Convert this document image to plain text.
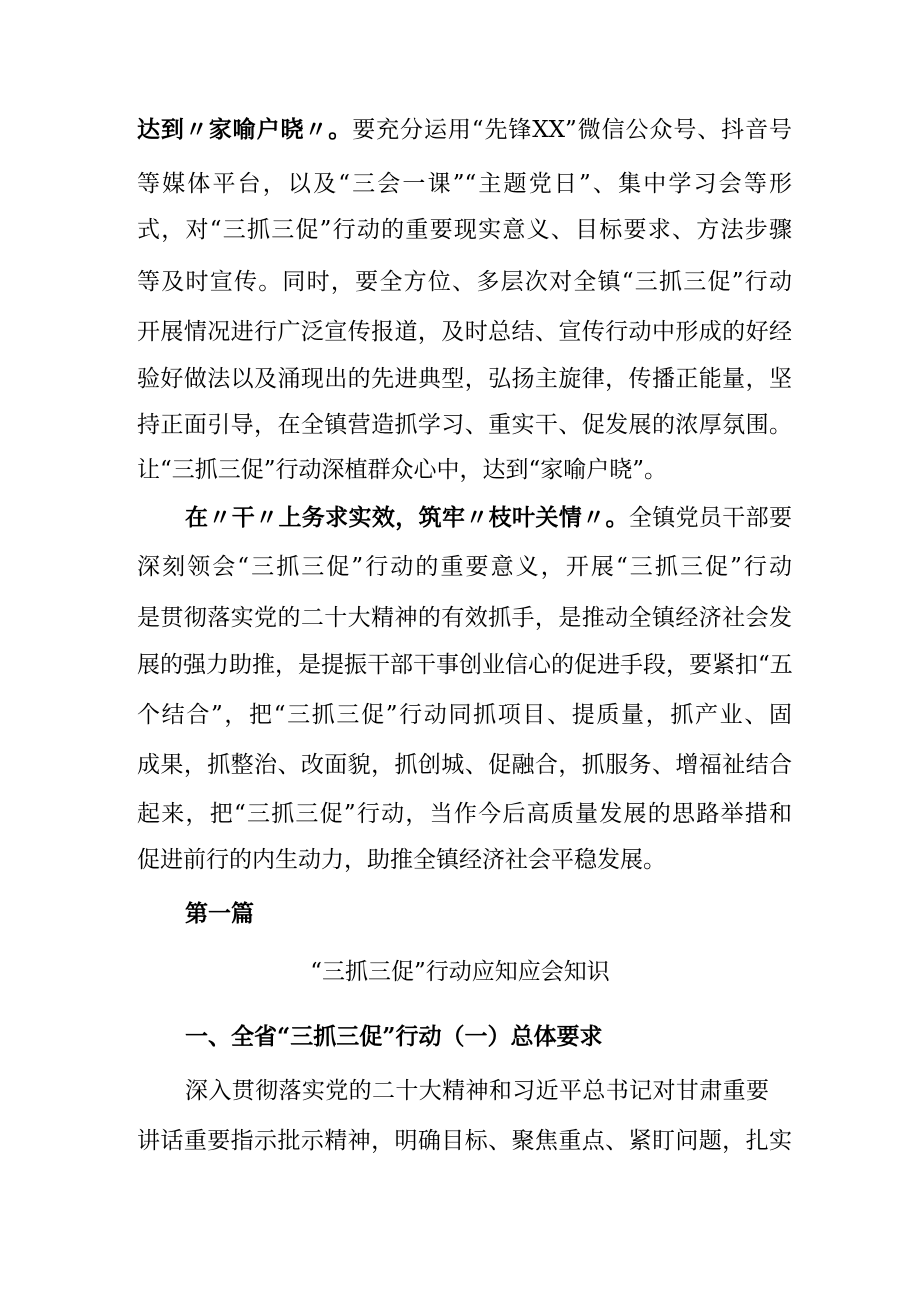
达到〃家喻户晓〃。要充分运用“先锋XX”微信公众号、抖音号
等媒体平台，以及“三会一课”“主题党日”、集中学习会等形
式，对“三抓三促”行动的重要现实意义、目标要求、方法步骤
等及时宣传。同时，要全方位、多层次对全镇“三抓三促”行动
开展情况进行广泛宣传报道，及时总结、宣传行动中形成的好经
验好做法以及涌现出的先进典型，弘扬主旋律，传播正能量，坚
持正面引导，在全镇营造抓学习、重实干、促发展的浓厚氛围。
让“三抓三促”行动深植群众心中，达到“家喻户晓”。
在〃干〃上务求实效，筑牢〃枝叶关情〃。全镇党员干部要
深刻领会“三抓三促”行动的重要意义，开展“三抓三促”行动
是贯彻落实党的二十大精神的有效抓手，是推动全镇经济社会发
展的强力助推，是提振干部干事创业信心的促进手段，要紧扣“五
个结合”，把“三抓三促”行动同抓项目、提质量，抓产业、固
成果，抓整治、改面貌，抓创城、促融合，抓服务、增福祉结合
起来，把“三抓三促”行动，当作今后高质量发展的思路举措和
促进前行的内生动力，助推全镇经济社会平稳发展。
第一篇
“三抓三促”行动应知应会知识
一、全省“三抓三促”行动（一）总体要求
深入贯彻落实党的二十大精神和习近平总书记对甘肃重要
讲话重要指示批示精神，明确目标、聚焦重点、紧盯问题，扎实
